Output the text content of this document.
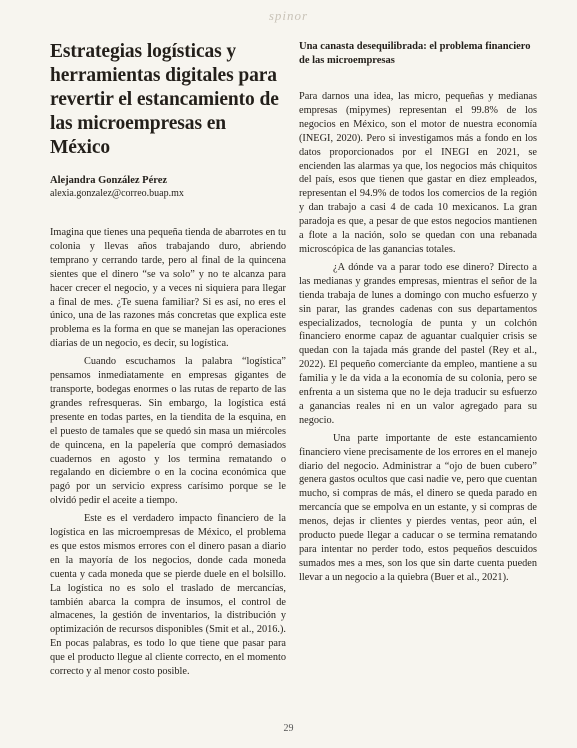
spinor
Estrategias logísticas y herramientas digitales para revertir el estancamiento de las microempresas en México

Alejandra González Pérez

alexia.gonzalez@correo.buap.mx

Imagina que tienes una pequeña tienda de abarrotes en tu colonia y llevas años trabajando duro, abriendo temprano y cerrando tarde, pero al final de la quincena sientes que el dinero “se va solo” y no te alcanza para hacer crecer el negocio, y a veces ni siquiera para llegar a final de mes. ¿Te suena familiar? Si es así, no eres el único, una de las razones más concretas que explica este problema es la forma en que se manejan las operaciones diarias de un negocio, es decir, su logística.

Cuando escuchamos la palabra “logística” pensamos inmediatamente en empresas gigantes de transporte, bodegas enormes o las rutas de reparto de las grandes refresqueras. Sin embargo, la logística está presente en todas partes, en la tiendita de la esquina, en el puesto de tamales que se quedó sin masa un miércoles de quincena, en la papelería que compró demasiados cuadernos en agosto y los termina rematando o regalando en diciembre o en la cocina económica que pagó por un servicio express carísimo porque se le olvidó pedir el aceite a tiempo.

Este es el verdadero impacto financiero de la logística en las microempresas de México, el problema es que estos mismos errores con el dinero pasan a diario en la mayoría de los negocios, donde cada moneda cuenta y cada moneda que se pierde duele en el bolsillo. La logística no es solo el traslado de mercancías, también abarca la compra de insumos, el control de almacenes, la gestión de inventarios, la distribución y optimización de recursos disponibles (Smit et al., 2016.). En pocas palabras, es todo lo que tiene que pasar para que el producto llegue al cliente correcto, en el momento correcto y al menor costo posible.

Una canasta desequilibrada: el problema financiero de las microempresas

Para darnos una idea, las micro, pequeñas y medianas empresas (mipymes) representan el 99.8% de los negocios en México, son el motor de nuestra economía (INEGI, 2020). Pero si investigamos más a fondo en los datos proporcionados por el INEGI en 2021, se encienden las alarmas ya que, los negocios más chiquitos del país, esos que tienen que gastar en diez empleados, representan el 94.9% de todos los comercios de la región y dan trabajo a casi 4 de cada 10 mexicanos. La gran paradoja es que, a pesar de que estos negocios mantienen a flote a la nación, solo se quedan con una rebanada microscópica de las ganancias totales.

¿A dónde va a parar todo ese dinero? Directo a las medianas y grandes empresas, mientras el señor de la tienda trabaja de lunes a domingo con mucho esfuerzo y sin parar, las grandes cadenas con sus departamentos especializados, tecnología de punta y un colchón financiero enorme capaz de aguantar cualquier crisis se quedan con la tajada más grande del pastel (Rey et al., 2022). El pequeño comerciante da empleo, mantiene a su familia y le da vida a la economía de su colonia, pero se enfrenta a un sistema que no le deja traducir su esfuerzo a ganancias reales ni en un valor agregado para su negocio.

Una parte importante de este estancamiento financiero viene precisamente de los errores en el manejo diario del negocio. Administrar a “ojo de buen cubero” genera gastos ocultos que casi nadie ve, pero que cuentan mucho, si compras de más, el dinero se queda parado en mercancía que se empolva en un estante, y si compras de menos, dejas ir clientes y pierdes ventas, peor aún, el producto puede llegar a caducar o se termina rematando para intentar no perder todo, estos pequeños descuidos sumados mes a mes, son los que sin darte cuenta pueden llevar a un negocio a la quiebra (Buer et al., 2021).

29
